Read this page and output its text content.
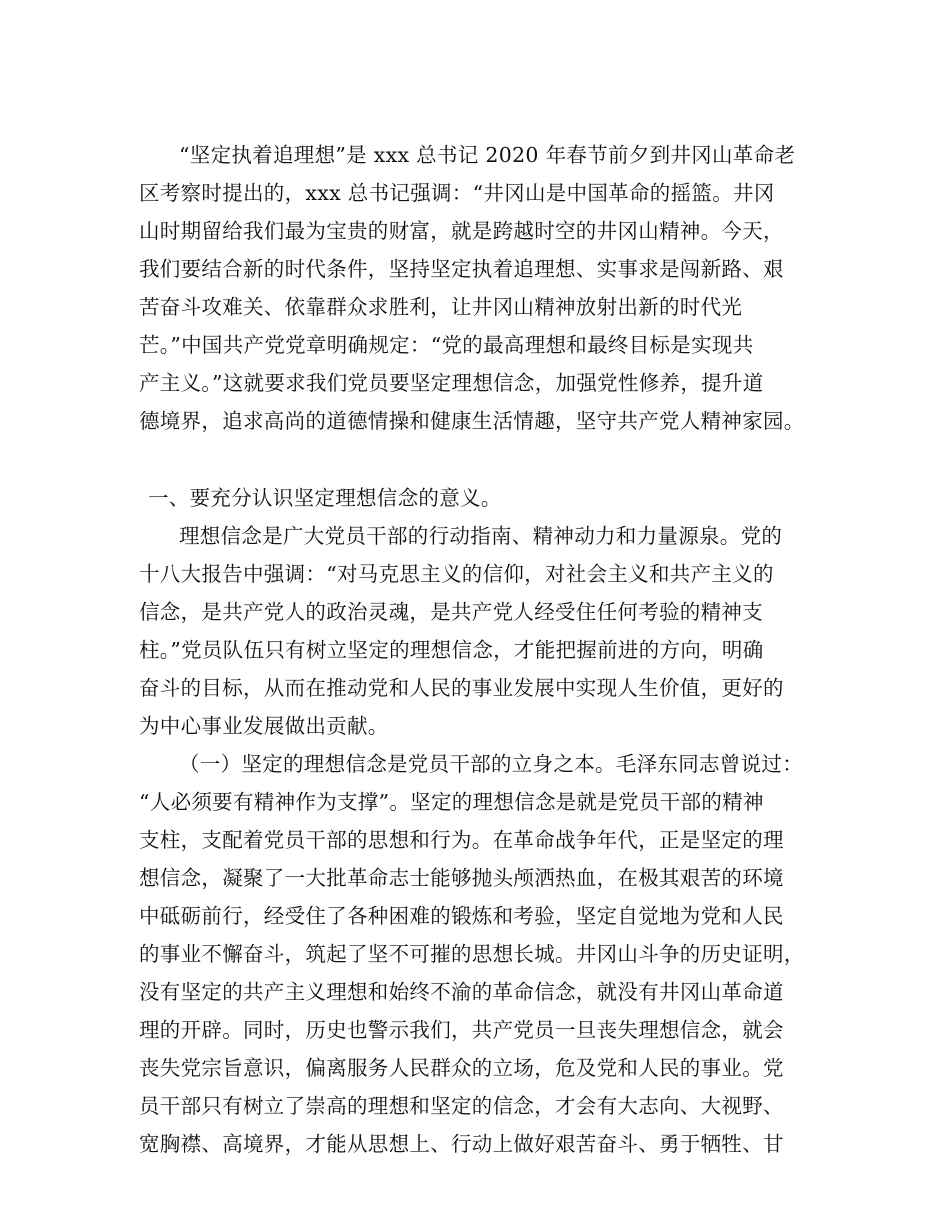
“坚定执着追理想”是 xxx 总书记 2020 年春节前夕到井冈山革命老
区考察时提出的，xxx 总书记强调：“井冈山是中国革命的摇篮。井冈
山时期留给我们最为宝贵的财富，就是跨越时空的井冈山精神。今天，
我们要结合新的时代条件，坚持坚定执着追理想、实事求是闯新路、艰
苦奋斗攻难关、依靠群众求胜利，让井冈山精神放射出新的时代光
芒。”中国共产党党章明确规定：“党的最高理想和最终目标是实现共
产主义。”这就要求我们党员要坚定理想信念，加强党性修养，提升道
德境界，追求高尚的道德情操和健康生活情趣，坚守共产党人精神家园。
一、要充分认识坚定理想信念的意义。
理想信念是广大党员干部的行动指南、精神动力和力量源泉。党的
十八大报告中强调：“对马克思主义的信仰，对社会主义和共产主义的
信念，是共产党人的政治灵魂，是共产党人经受住任何考验的精神支
柱。”党员队伍只有树立坚定的理想信念，才能把握前进的方向，明确
奋斗的目标，从而在推动党和人民的事业发展中实现人生价值，更好的
为中心事业发展做出贡献。
（一）坚定的理想信念是党员干部的立身之本。毛泽东同志曾说过：
“人必须要有精神作为支撑”。坚定的理想信念是就是党员干部的精神
支柱，支配着党员干部的思想和行为。在革命战争年代，正是坚定的理
想信念，凝聚了一大批革命志士能够抛头颅洒热血，在极其艰苦的环境
中砥砺前行，经受住了各种困难的锻炼和考验，坚定自觉地为党和人民
的事业不懈奋斗，筑起了坚不可摧的思想长城。井冈山斗争的历史证明，
没有坚定的共产主义理想和始终不渝的革命信念，就没有井冈山革命道
理的开辟。同时，历史也警示我们，共产党员一旦丧失理想信念，就会
丧失党宗旨意识，偏离服务人民群众的立场，危及党和人民的事业。党
员干部只有树立了崇高的理想和坚定的信念，才会有大志向、大视野、
宽胸襟、高境界，才能从思想上、行动上做好艰苦奋斗、勇于牺牲、甘
